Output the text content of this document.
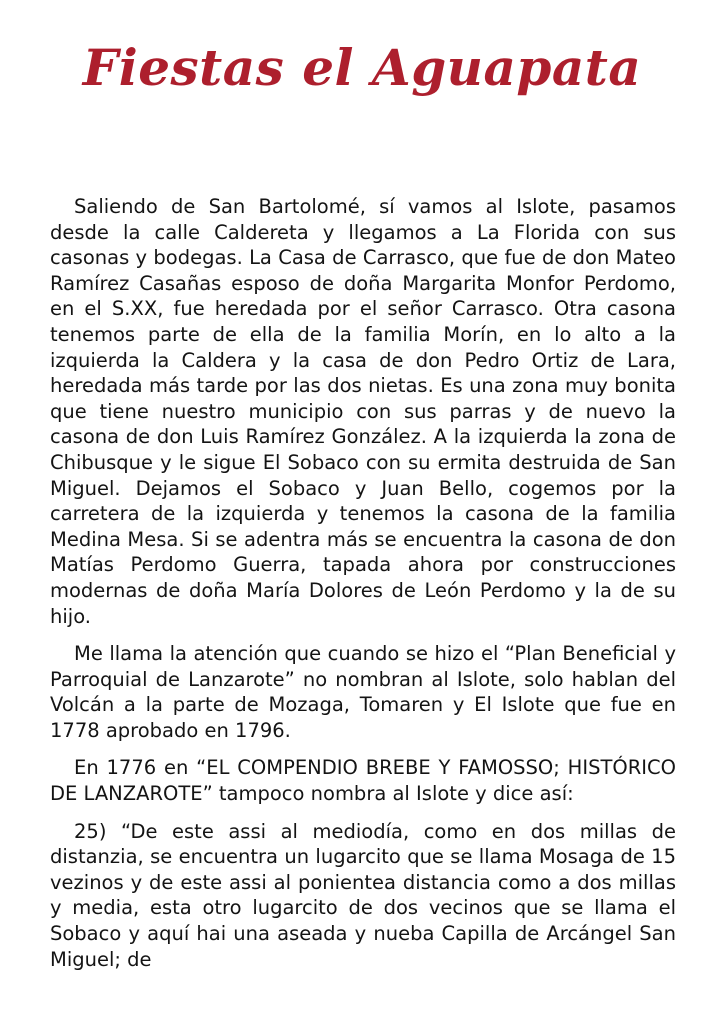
Fiestas el Aguapata

Saliendo de San Bartolomé, sí vamos al Islote, pasamos desde la calle Caldereta y llegamos a La Florida con sus casonas y bodegas. La Casa de Carrasco, que fue de don Mateo Ramírez Casañas esposo de doña Margarita Monfor Perdomo, en el S.XX, fue heredada por el señor Carrasco. Otra casona tenemos parte de ella de la familia Morín, en lo alto a la izquierda la Caldera y la casa de don Pedro Ortiz de Lara, heredada más tarde por las dos nietas. Es una zona muy bonita que tiene nuestro municipio con sus parras y de nuevo la casona de don Luis Ramírez González. A la izquierda la zona de Chibusque y le sigue El Sobaco con su ermita destruida de San Miguel. Dejamos el Sobaco y Juan Bello, cogemos por la carretera de la izquierda y tenemos la casona de la familia Medina Mesa. Si se adentra más se encuentra la casona de don Matías Perdomo Guerra, tapada ahora por construcciones modernas de doña María Dolores de León Perdomo y la de su hijo.

Me llama la atención que cuando se hizo el “Plan Beneficial y Parroquial de Lanzarote” no nombran al Islote, solo hablan del Volcán a la parte de Mozaga, Tomaren y El Islote que fue en 1778 aprobado en 1796.

En 1776 en “EL COMPENDIO BREBE Y FAMOSSO; HISTÓRICO DE LANZAROTE” tampoco nombra al Islote y dice así:

25) “De este assi al mediodía, como en dos millas de distanzia, se encuentra un lugarcito que se llama Mosaga de 15 vezinos y de este assi al ponientea distancia como a dos millas y media, esta otro lugarcito de dos vecinos que se llama el Sobaco y aquí hai una aseada y nueba Capilla de Arcángel San Miguel; de
